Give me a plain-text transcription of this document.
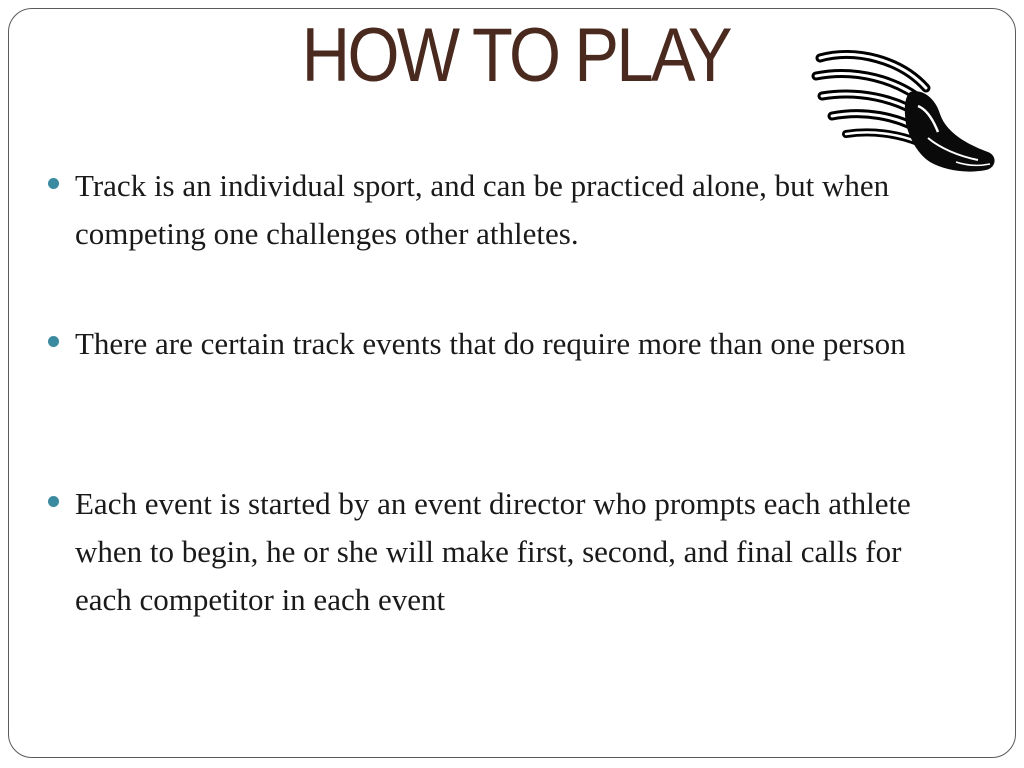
HOW TO PLAY
Track is an individual sport, and can be practiced alone, but when competing one challenges other athletes.
There are certain track events that do require more than one person
Each event is started by an event director who prompts each athlete when to begin, he or she will make first, second, and final calls for each competitor in each event
